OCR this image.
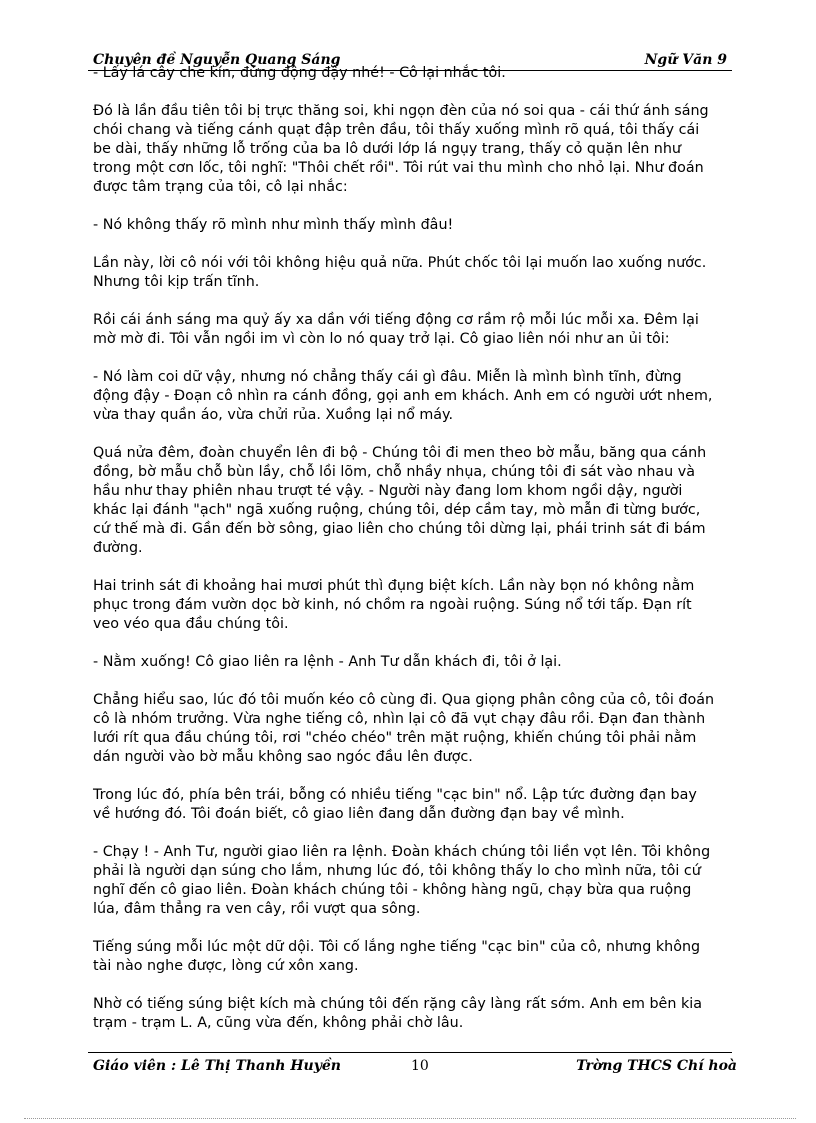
Chuyên đề Nguyễn Quang Sáng	Ngữ Văn 9

- Lấy lá cây che kín, đừng động đậy nhé! - Cô lại nhắc tôi.

Đó là lần đầu tiên tôi bị trực thăng soi, khi ngọn đèn của nó soi qua - cái thứ ánh sáng
chói chang và tiếng cánh quạt đập trên đầu, tôi thấy xuống mình rõ quá, tôi thấy cái
be dài, thấy những lỗ trống của ba lô dưới lớp lá ngụy trang, thấy cỏ quặn lên như
trong một cơn lốc, tôi nghĩ: "Thôi chết rồi". Tôi rút vai thu mình cho nhỏ lại. Như đoán
được tâm trạng của tôi, cô lại nhắc:

- Nó không thấy rõ mình như mình thấy mình đâu!

Lần này, lời cô nói với tôi không hiệu quả nữa. Phút chốc tôi lại muốn lao xuống nước.
Nhưng tôi kịp trấn tĩnh.

Rồi cái ánh sáng ma quỷ ấy xa dần với tiếng động cơ rầm rộ mỗi lúc mỗi xa. Đêm lại
mờ mờ đi. Tôi vẫn ngồi im vì còn lo nó quay trở lại. Cô giao liên nói như an ủi tôi:

- Nó làm coi dữ vậy, nhưng nó chẳng thấy cái gì đâu. Miễn là mình bình tĩnh, đừng
động đậy - Đoạn cô nhìn ra cánh đồng, gọi anh em khách. Anh em có người ướt nhem,
vừa thay quần áo, vừa chửi rủa. Xuồng lại nổ máy.

Quá nửa đêm, đoàn chuyển lên đi bộ - Chúng tôi đi men theo bờ mẫu, băng qua cánh
đồng, bờ mẫu chỗ bùn lầy, chỗ lồi lõm, chỗ nhầy nhụa, chúng tôi đi sát vào nhau và
hầu như thay phiên nhau trượt té vậy. - Người này đang lom khom ngồi dậy, người
khác lại đánh "ạch" ngã xuống ruộng, chúng tôi, dép cầm tay, mò mẫn đi từng bước,
cứ thế mà đi. Gần đến bờ sông, giao liên cho chúng tôi dừng lại, phái trinh sát đi bám
đường.

Hai trinh sát đi khoảng hai mươi phút thì đụng biệt kích. Lần này bọn nó không nằm
phục trong đám vườn dọc bờ kinh, nó chồm ra ngoài ruộng. Súng nổ tới tấp. Đạn rít
veo véo qua đầu chúng tôi.

- Nằm xuống! Cô giao liên ra lệnh - Anh Tư dẫn khách đi, tôi ở lại.

Chẳng hiểu sao, lúc đó tôi muốn kéo cô cùng đi. Qua giọng phân công của cô, tôi đoán
cô là nhóm trưởng. Vừa nghe tiếng cô, nhìn lại cô đã vụt chạy đâu rồi. Đạn đan thành
lưới rít qua đầu chúng tôi, rơi "chéo chéo" trên mặt ruộng, khiến chúng tôi phải nằm
dán người vào bờ mẫu không sao ngóc đầu lên được.

Trong lúc đó, phía bên trái, bỗng có nhiều tiếng "cạc bin" nổ. Lập tức đường đạn bay
về hướng đó. Tôi đoán biết, cô giao liên đang dẫn đường đạn bay về mình.

- Chạy ! - Anh Tư, người giao liên ra lệnh. Đoàn khách chúng tôi liền vọt lên. Tôi không
phải là người dạn súng cho lắm, nhưng lúc đó, tôi không thấy lo cho mình nữa, tôi cứ
nghĩ đến cô giao liên. Đoàn khách chúng tôi - không hàng ngũ, chạy bừa qua ruộng
lúa, đâm thẳng ra ven cây, rồi vượt qua sông.

Tiếng súng mỗi lúc một dữ dội. Tôi cố lắng nghe tiếng "cạc bin" của cô, nhưng không
tài nào nghe được, lòng cứ xôn xang.

Nhờ có tiếng súng biệt kích mà chúng tôi đến rặng cây làng rất sớm. Anh em bên kia
trạm - trạm L. A, cũng vừa đến, không phải chờ lâu.

Giáo viên : Lê Thị Thanh Huyền	10	Trờng THCS Chí hoà
